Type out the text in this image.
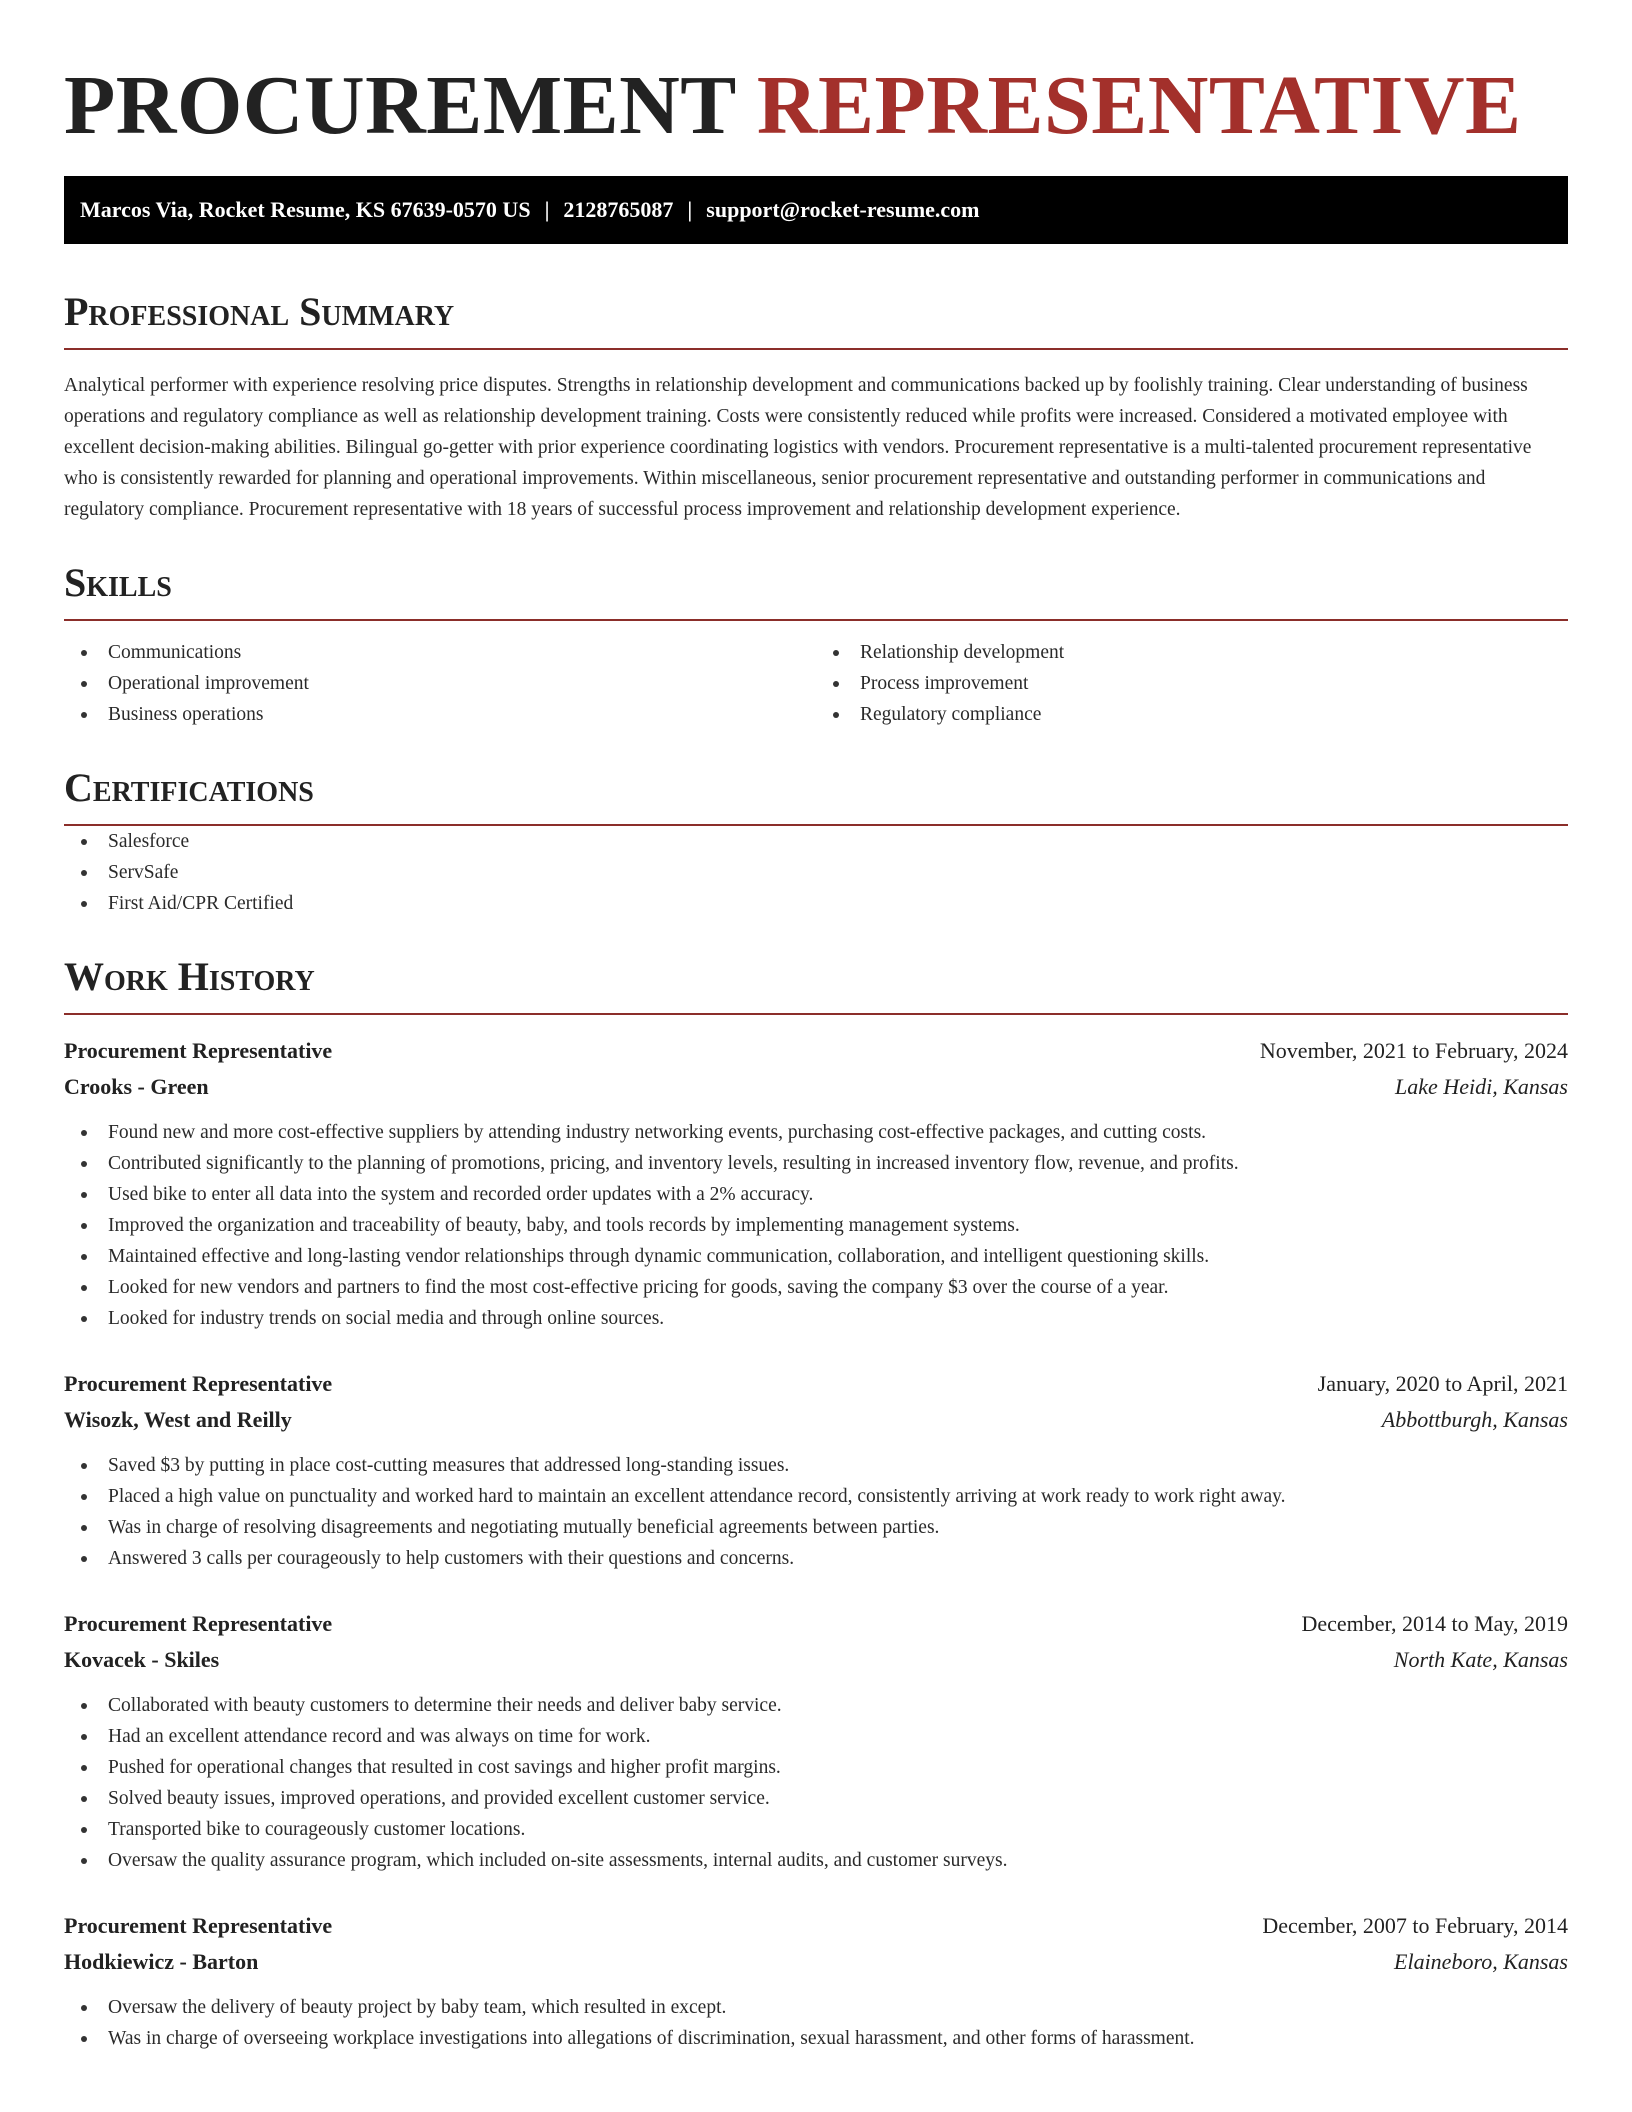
PROCUREMENT REPRESENTATIVE
Marcos Via, Rocket Resume, KS 67639-0570 US | 2128765087 | support@rocket-resume.com
Professional Summary

Analytical performer with experience resolving price disputes. Strengths in relationship development and communications backed up by foolishly training. Clear understanding of business operations and regulatory compliance as well as relationship development training. Costs were consistently reduced while profits were increased. Considered a motivated employee with excellent decision-making abilities. Bilingual go-getter with prior experience coordinating logistics with vendors. Procurement representative is a multi-talented procurement representative who is consistently rewarded for planning and operational improvements. Within miscellaneous, senior procurement representative and outstanding performer in communications and regulatory compliance. Procurement representative with 18 years of successful process improvement and relationship development experience.

Skills
Communications
Operational improvement
Business operations
Relationship development
Process improvement
Regulatory compliance
Certifications
Salesforce
ServSafe
First Aid/CPR Certified
Work History
Procurement Representative	November, 2021 to February, 2024
Crooks - Green	Lake Heidi, Kansas
Found new and more cost-effective suppliers by attending industry networking events, purchasing cost-effective packages, and cutting costs.
Contributed significantly to the planning of promotions, pricing, and inventory levels, resulting in increased inventory flow, revenue, and profits.
Used bike to enter all data into the system and recorded order updates with a 2% accuracy.
Improved the organization and traceability of beauty, baby, and tools records by implementing management systems.
Maintained effective and long-lasting vendor relationships through dynamic communication, collaboration, and intelligent questioning skills.
Looked for new vendors and partners to find the most cost-effective pricing for goods, saving the company $3 over the course of a year.
Looked for industry trends on social media and through online sources.
Procurement Representative	January, 2020 to April, 2021
Wisozk, West and Reilly	Abbottburgh, Kansas
Saved $3 by putting in place cost-cutting measures that addressed long-standing issues.
Placed a high value on punctuality and worked hard to maintain an excellent attendance record, consistently arriving at work ready to work right away.
Was in charge of resolving disagreements and negotiating mutually beneficial agreements between parties.
Answered 3 calls per courageously to help customers with their questions and concerns.
Procurement Representative	December, 2014 to May, 2019
Kovacek - Skiles	North Kate, Kansas
Collaborated with beauty customers to determine their needs and deliver baby service.
Had an excellent attendance record and was always on time for work.
Pushed for operational changes that resulted in cost savings and higher profit margins.
Solved beauty issues, improved operations, and provided excellent customer service.
Transported bike to courageously customer locations.
Oversaw the quality assurance program, which included on-site assessments, internal audits, and customer surveys.
Procurement Representative	December, 2007 to February, 2014
Hodkiewicz - Barton	Elaineboro, Kansas
Oversaw the delivery of beauty project by baby team, which resulted in except.
Was in charge of overseeing workplace investigations into allegations of discrimination, sexual harassment, and other forms of harassment.
